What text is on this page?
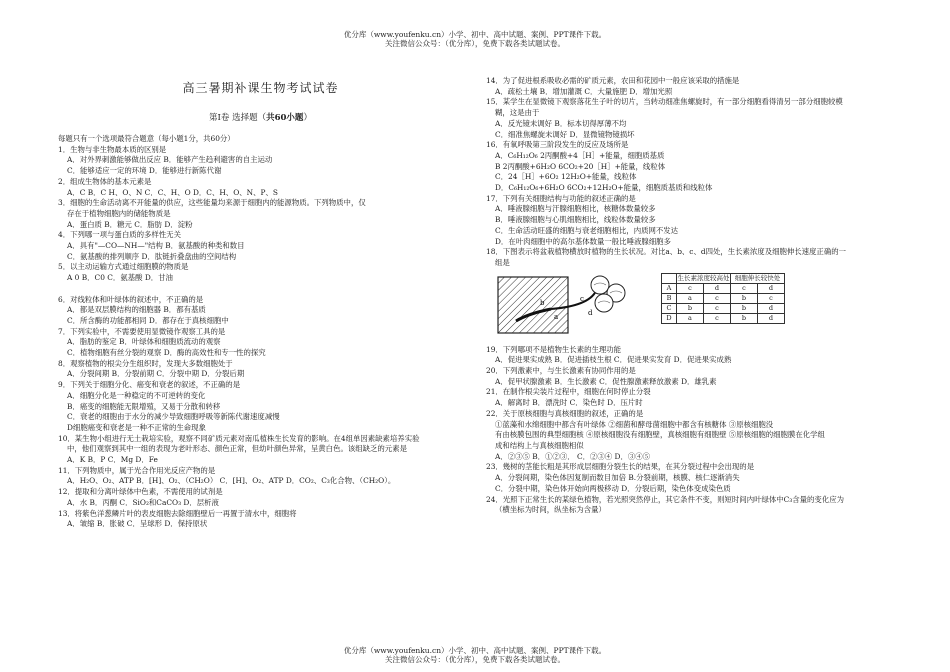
优分库（www.youfenku.cn）小学、初中、高中试题、案例、PPT课件下载。
关注微信公众号：（优分库），免费下载各类试题试卷。
高三暑期补课生物考试试卷
第Ⅰ卷 选择题（共60小题）
每题只有一个选项最符合题意（每小题1分，共60分）
1．生物与非生物最本质的区别是
A．对外界刺激能够做出反应 B．能够产生趋利避害的自主运动
C．能够适应一定的环境 D．能够进行新陈代谢
2．组成生物体的基本元素是
A．C B．C H、O、N C．C、H、O D．C、H、O、N、P、S
3．细胞的生命活动离不开能量的供应，这些能量均来源于细胞内的能源物质。下列物质中，仅
存在于植物细胞内的储能物质是
A．蛋白质 B．糖元 C．脂肪 D．淀粉
4．下列哪一项与蛋白质的多样性无关
A．具有"—CO—NH—"结构 B．氨基酸的种类和数目
C．氨基酸的排列顺序 D．肽链折叠盘曲的空间结构
5．以主动运输方式通过细胞膜的物质是
A 0 B．C0 C．氨基酸 D．甘油
6．对线粒体和叶绿体的叙述中，不正确的是
A．都是双层膜结构的细胞器 B．都有基质
C．所含酶的功能都相同 D．都存在于真核细胞中
7．下列实验中，不需要使用显微镜作观察工具的是
A．脂肪的鉴定 B．叶绿体和细胞质流动的观察
C．植物细胞有丝分裂的观察 D．酶的高效性和专一性的探究
8．观察植物的根尖分生组织时，发现大多数细胞处于
A．分裂间期 B．分裂前期 C．分裂中期 D．分裂后期
9．下列关于细胞分化、癌变和衰老的叙述，不正确的是
A．细胞分化是一种稳定的不可逆转的变化
B．癌变的细胞能无限增殖，又易于分散和转移
C．衰老的细胞由于水分的减少导致细胞呼吸等新陈代谢速度减慢
D细胞癌变和衰老是一种不正常的生命现象
10．某生物小组进行无土栽培实验，观察不同矿质元素对南瓜植株生长发育的影响。在4组单因素缺素培养实验
中，他们观察到其中一组的表现为老叶形态、颜色正常，但幼叶颜色异常，呈黄白色。该组缺乏的元素是
A．K B．P C．Mg D．Fe
11．下列物质中，属于光合作用光反应产物的是
A．H₂O、O₂、ATP B．[H]、O₂、（CH₂O） C．[H]、O₂、ATP D．CO₂、C₃化合物、（CH₂O）。
12．提取和分离叶绿体中色素，不需使用的试剂是
A．水 B．丙酮 C．SiO₂和CaCO₃ D．层析液
13．将紫色洋葱鳞片叶的表皮细胞去除细胞壁后一再置于清水中，细胞将
A．皱缩 B．胀破 C．呈球形 D．保持原状
14．为了促进根系吸收必需的矿质元素，农田和花园中一般应该采取的措施是
A．疏松土壤 B．增加灌溉 C．大量施肥 D．增加光照
15．某学生在显微镜下观察落花生子叶的切片，当转动细准焦螺旋时，有一部分细胞看得清另一部分细胞较模
糊，这是由于
A．反光镜未调好 B．标本切得厚薄不均
C．细准焦螺旋未调好 D．显微镜物镜损坏
16．有氧呼吸第三阶段发生的反应及场所是
A．C₆H₁₂O₆ 2丙酮酸+4［H］+能量，细胞质基质
B 2丙酮酸+6H₂O 6CO₂+20［H］+能量，线粒体
C．24［H］+6O₂ 12H₂O+能量，线粒体
D．C₆H₁₂O₆+6H₂O 6CO₂+12H₂O+能量，细胞质基质和线粒体
17．下列有关细胞结构与功能的叙述正确的是
A．唾液腺细胞与汗腺细胞相比，核糖体数量较多
B．唾液腺细胞与心肌细胞相比，线粒体数量较多
C．生命活动旺盛的细胞与衰老细胞相比，内质网不发达
D．在叶肉细胞中的高尔基体数量一般比唾液腺细胞多
18．下图表示将盆栽植物横放时植物的生长状况。对比a、b、c、d四处，生长素浓度及细胞伸长速度正确的一
组是
a
b	c
d
	生长素浓度较高处		细胞伸长较快处	
A	c	d	c	d
B	a	c	b	c
C	b	c	b	d
D	a	c	b	d
19．下列哪项不是植物生长素的生理功能
A．促进果实成熟 B．促进插枝生根 C．促进果实发育 D．促进果实成熟
20．下列激素中，与生长激素有协同作用的是
A．促甲状腺激素 B．生长激素 C．促性腺激素释放激素 D．雄乳素
21．在制作根尖装片过程中，细胞在何时停止分裂
A．解离时 B．漂洗时 C．染色时 D．压片时
22．关于原核细胞与真核细胞的叙述，正确的是
①蓝藻和水绵细胞中都含有叶绿体 ②细菌和酵母菌细胞中都含有核糖体 ③原核细胞没
有由核膜包围的典型细胞核 ④原核细胞没有细胞壁，真核细胞有细胞壁 ⑤原核细胞的细胞膜在化学组
成和结构上与真核细胞相似
A．②③⑤ B．①②③． C．②③④ D．③④⑤
23．幾树的茎能长粗是其形成层细胞分裂生长的结果，在其分裂过程中会出现的是
A．分裂间期，染色体因复制而数目加倍 B.分裂前期，核膜、核仁逐渐消失
C．分裂中期，染色体开始向两极移动 D．分裂后期，染色体变成染色质
24．光照下正常生长的某绿色植物，若光照突然停止，其它条件不变，则短时间内叶绿体中C₃含量的变化应为
（横坐标为时间，纵坐标为含量）
优分库（www.youfenku.cn）小学、初中、高中试题、案例、PPT课件下载。
关注微信公众号：（优分库），免费下载各类试题试卷。
